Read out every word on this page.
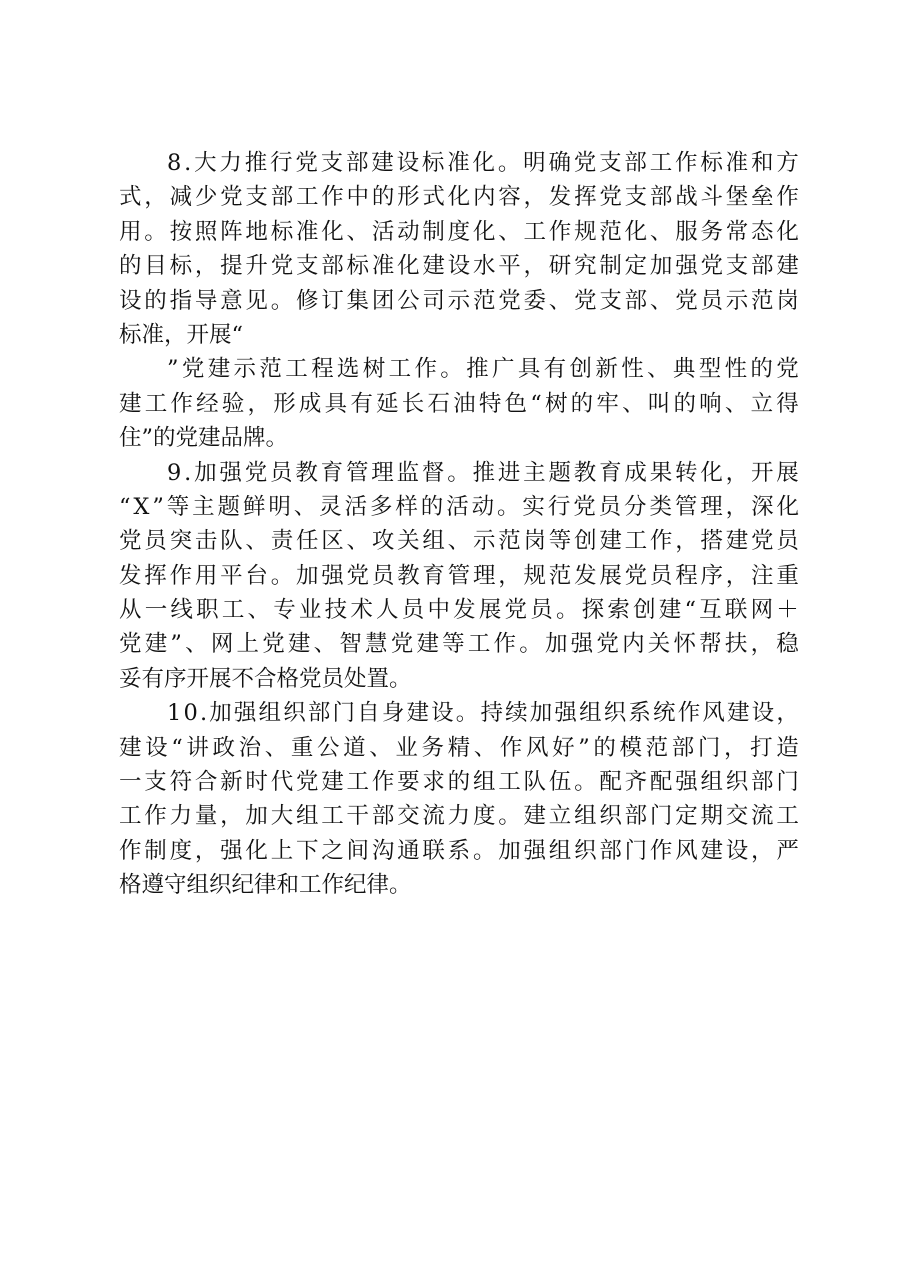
8 . 大 力 推 行 党 支 部 建 设 标 准 化 。 明 确 党 支 部 工 作 标 准 和 方
式 ， 减 少 党 支 部 工 作 中 的 形 式 化 内 容 ， 发 挥 党 支 部 战 斗 堡 垒 作
用 。 按 照 阵 地 标 准 化 、 活 动 制 度 化 、 工 作 规 范 化 、 服 务 常 态 化
的 目 标 ， 提 升 党 支 部 标 准 化 建 设 水 平 ， 研 究 制 定 加 强 党 支 部 建
设 的 指 导 意 见 。 修 订 集 团 公 司 示 范 党 委 、 党 支 部 、 党 员 示 范 岗
标准，开展“
” 党 建 示 范 工 程 选 树 工 作 。 推 广 具 有 创 新 性 、 典 型 性 的 党
建 工 作 经 验 ， 形 成 具 有 延 长 石 油 特 色 “ 树 的 牢 、 叫 的 响 、 立 得
住”的党建品牌。
9 . 加 强 党 员 教 育 管 理 监 督 。 推 进 主 题 教 育 成 果 转 化 ， 开 展
“ X ” 等 主 题 鲜 明 、 灵 活 多 样 的 活 动 。 实 行 党 员 分 类 管 理 ， 深 化
党 员 突 击 队 、 责 任 区 、 攻 关 组 、 示 范 岗 等 创 建 工 作 ， 搭 建 党 员
发 挥 作 用 平 台 。 加 强 党 员 教 育 管 理 ， 规 范 发 展 党 员 程 序 ， 注 重
从 一 线 职 工 、 专 业 技 术 人 员 中 发 展 党 员 。 探 索 创 建 “ 互 联 网 ＋
党 建 ” 、 网 上 党 建 、 智 慧 党 建 等 工 作 。 加 强 党 内 关 怀 帮 扶 ， 稳
妥有序开展不合格党员处置。
1 0 . 加 强 组 织 部 门 自 身 建 设 。 持 续 加 强 组 织 系 统 作 风 建 设 ，
建 设 “ 讲 政 治 、 重 公 道 、 业 务 精 、 作 风 好 ” 的 模 范 部 门 ， 打 造
一 支 符 合 新 时 代 党 建 工 作 要 求 的 组 工 队 伍 。 配 齐 配 强 组 织 部 门
工 作 力 量 ， 加 大 组 工 干 部 交 流 力 度 。 建 立 组 织 部 门 定 期 交 流 工
作 制 度 ， 强 化 上 下 之 间 沟 通 联 系 。 加 强 组 织 部 门 作 风 建 设 ， 严
格遵守组织纪律和工作纪律。
